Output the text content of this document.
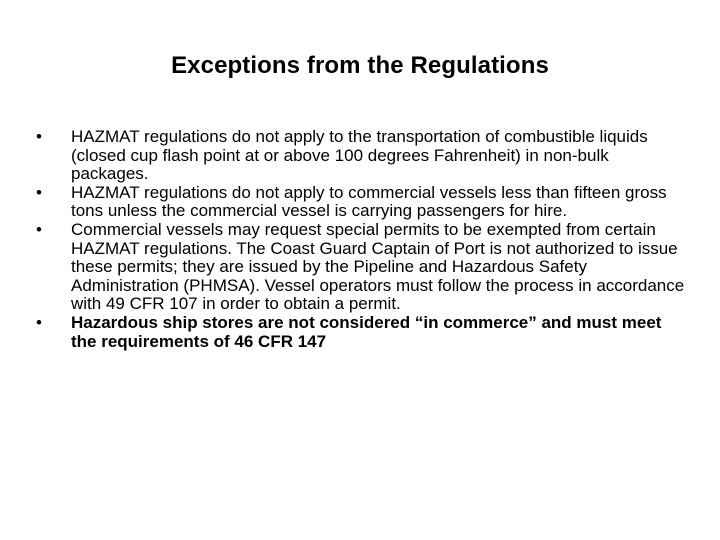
Exceptions from the Regulations
•	HAZMAT regulations do not apply to the transportation of combustible liquids (closed cup flash point at or above 100 degrees Fahrenheit) in non-bulk packages.
•	HAZMAT regulations do not apply to commercial vessels less than fifteen gross tons unless the commercial vessel is carrying passengers for hire.
•	Commercial vessels may request special permits to be exempted from certain HAZMAT regulations. The Coast Guard Captain of Port is not authorized to issue these permits; they are issued by the Pipeline and Hazardous Safety Administration (PHMSA). Vessel operators must follow the process in accordance with 49 CFR 107 in order to obtain a permit.
•	Hazardous ship stores are not considered “in commerce” and must meet the requirements of 46 CFR 147
